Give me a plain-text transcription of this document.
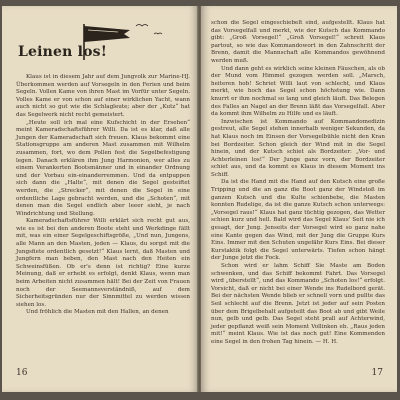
Leinen los!

Klaus ist in diesem Jahr auf dem Jungvolk zur Marine-HJ. Überkommen werden auf Vorsegeln in den Ferien und beim Segeln. Vollen Kame von ihren Mast im Vorfür unter Segeln. Volles Kame er von schon auf einer wirklichen Yacht, wann auch nicht so gut wie die Schlagleute; aber der „Kutz“ hat das Segelwerk nicht recht gemeistert.

„Heute soll ich mal eine Kufschicht in der Ersehen“ meint Kameradschaftsführer Willi. Da ist es klar, daß alle Jungen der Kameradschaft sich freuen. Klaus bekommt eine Stationsgruppe am anderen Mast zusammen mit Wilhelm zusammen, fort, wo dem Pollen fest die Segelbefestigung legen. Danach erklären ihm Jung Harmonien, wer alles zu einem Verankerten Bootsmänner und in einander Ordnung und der Vorbau ein-einanderremmen. Und da entpuppen sich dann die „Halte“, mit denen die Segel gesteiftet werden, die „Strecker“, mit denen die Segel in eine ordentliche Lage gebracht werden, und die „Schoten“, mit denen man die Segel endlich aber leeer sieht, je nach Windrichtung und Stellung.

Kameradschaftsführer Willi erklärt sich recht gut aus, wie es ist bei den anderen Boote steht und Werkdinge fällt mit, was ein einer Segelgeschiftsgröße, „Und nun, Jungens, alle Mann an den Masten, jeden — Klaus, du sorgst mit die Jungsfiete ordentlich gesetzt!“ Klaus lernt, daß Masten und Jungfern man heben, den Mast nach den Heiten ein Schweinsfüßen. Ob er's denn ist richtig? Eine kurze Meinung, daß er erhebt es erfolgt, denkt Klaus, wenn man beim Arbeiten nicht zusammen hält! Bei der Zeit von Frauen noch der Seemannsverständniß, auf dem Sicherheitsgründen nur der Sinnmittel zu werden wissen siehen los.

Und fröhlich die Masten mit den Hallen, an denen

16

schon die Segel eingeschiebelt sind, aufgestellt. Klaus hat das Vorsegelfall und merkt, wie der Kutsch das Kommando gibt: „Groß Vorsegel!“ „Groß Vorsegel!“ schreit Klaus partout, so wie das Kommandowort in den Zahnschritt der Brenn, damit die Mannschaft alle Kommandos gewöhnend werden muß.

Und dann geht es wirklich seine kleinen Fäuschen, als ob der Mund vom Himmel gezogen werden soll. „Marsch, heiteren hob! Schriet Willi laut von schlecht, und Klaus merkt, wie hoch das Segel schon höchstung wie. Dann knurrt er ihm nochmal so lang und gleich läuft. Das Belegen des Falles an Nagel an der Brenn läßt das Vorsegelfall. Aber da kommt ihm Wilhelm zu Hilfe und es läuft.

Inzwischen ist Kommando auf Kommandomedizin gestreut, alle Segel stehen innerhalb weniger Sekunden, da hat Klaus noch im Einsen der Vorsegelbühle nicht den Kran bei Bordzeiter. Schon gleich der Wind mit in die Segel hinein, und der Kutsch schiet als Bordzeiter: „Vor- und Achterleinen los!“ Der Junge ganz vorn, der Bordzeiter schiet aus, und da kommt es Klaus in diesem Moment ins Schiff.

Da ist die Hand mit die Hand auf den Kutsch eine große Tripping und die an ganz die Boot ganz der Windstoß im ganzen Kutsch und die Kulte schienbebe, die Masten konnten Rudelige, da ist die ganze Kutsch schon unterwegs: „Vorsegel raus!“ Klaus hat ganz tüchtig gezogen, das Wetter schien kurz und hell. Bald wird das Segel Klaus’ Seit nie ich gesagt, der Jung. Jenseits der Vorsegel wird so ganz nahe eine Kante gegen das Wind, mit der Jung die Gruppe Kurs Eins. Immer mit den Schuten ungefähr Kurs Eins. Bei dieser Kurstaktik folgt die Segel unterwärts. Tiefen schon hängt der Junge jetzt die Fock.

Schon wird er lahm Schiff Sie Maste am Boden schwenken, und das Schiff bekommt Fahrt. Das Vorsegel wird „überstellt“, und das Kommando „Schoten los!“ erfolgt. Vorsicht, daß er nicht bei einer Wende ins Rudelbord gerät. Bei der nächsten Wende blieb er schnell vorn und pullte das Seil schlecht auf die Brenn. Jetzt ist jeder auf sein Posten über dem Brigelbehalt aufgeteilt das Boot ab und gibt Weile nun, gelb und gelb. Das Segel steht prall auf Achterwind, jeder gepflanzt weiß sein Moment Vollinken eb. „Raus jeden mit!“ meint Klaus. Wie ist das noch gut! Eine Kommenden eine Segel in den frohen Tag hinein. — H. H.

17
